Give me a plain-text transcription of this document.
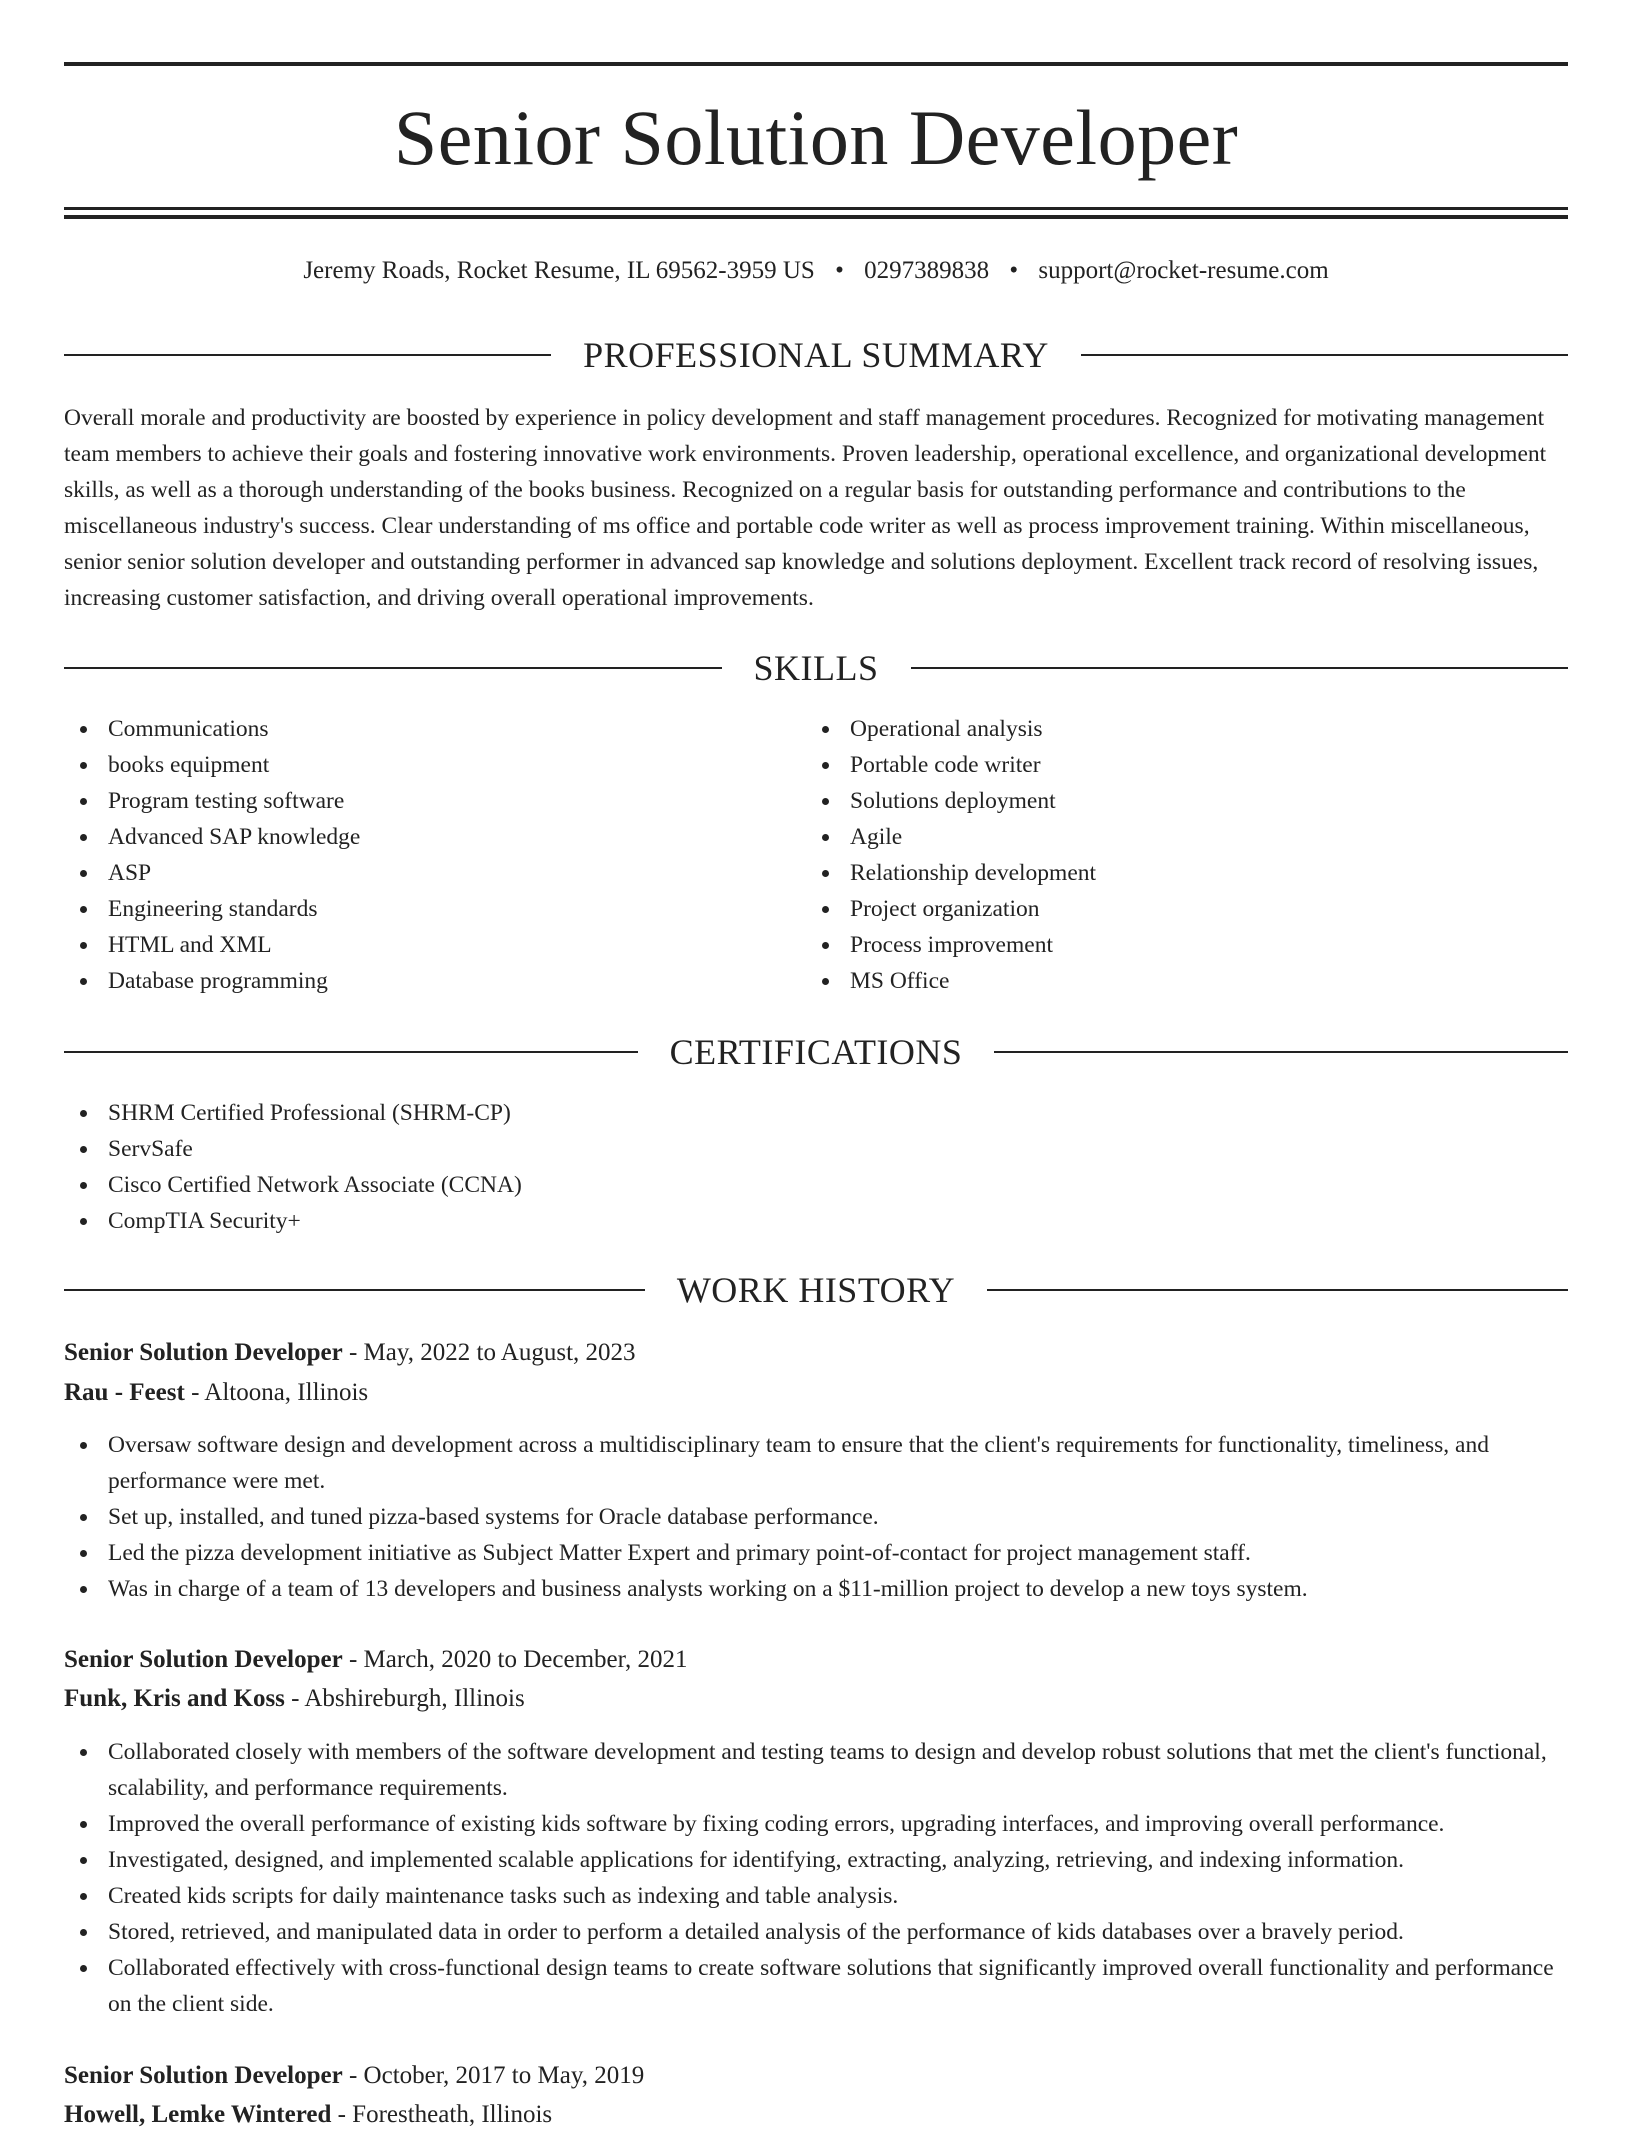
Senior Solution Developer
Jeremy Roads, Rocket Resume, IL 69562-3959 US • 0297389838 • support@rocket-resume.com
PROFESSIONAL SUMMARY

Overall morale and productivity are boosted by experience in policy development and staff management procedures. Recognized for motivating management team members to achieve their goals and fostering innovative work environments. Proven leadership, operational excellence, and organizational development skills, as well as a thorough understanding of the books business. Recognized on a regular basis for outstanding performance and contributions to the miscellaneous industry's success. Clear understanding of ms office and portable code writer as well as process improvement training. Within miscellaneous, senior senior solution developer and outstanding performer in advanced sap knowledge and solutions deployment. Excellent track record of resolving issues, increasing customer satisfaction, and driving overall operational improvements.

SKILLS
Communications
books equipment
Program testing software
Advanced SAP knowledge
ASP
Engineering standards
HTML and XML
Database programming
Operational analysis
Portable code writer
Solutions deployment
Agile
Relationship development
Project organization
Process improvement
MS Office
CERTIFICATIONS
SHRM Certified Professional (SHRM-CP)
ServSafe
Cisco Certified Network Associate (CCNA)
CompTIA Security+
WORK HISTORY
Senior Solution Developer - May, 2022 to August, 2023
Rau - Feest - Altoona, Illinois
Oversaw software design and development across a multidisciplinary team to ensure that the client's requirements for functionality, timeliness, and performance were met.
Set up, installed, and tuned pizza-based systems for Oracle database performance.
Led the pizza development initiative as Subject Matter Expert and primary point-of-contact for project management staff.
Was in charge of a team of 13 developers and business analysts working on a $11-million project to develop a new toys system.
Senior Solution Developer - March, 2020 to December, 2021
Funk, Kris and Koss - Abshireburgh, Illinois
Collaborated closely with members of the software development and testing teams to design and develop robust solutions that met the client's functional, scalability, and performance requirements.
Improved the overall performance of existing kids software by fixing coding errors, upgrading interfaces, and improving overall performance.
Investigated, designed, and implemented scalable applications for identifying, extracting, analyzing, retrieving, and indexing information.
Created kids scripts for daily maintenance tasks such as indexing and table analysis.
Stored, retrieved, and manipulated data in order to perform a detailed analysis of the performance of kids databases over a bravely period.
Collaborated effectively with cross-functional design teams to create software solutions that significantly improved overall functionality and performance on the client side.
Senior Solution Developer - October, 2017 to May, 2019
Howell, Lemke Wintered - Forestheath, Illinois
